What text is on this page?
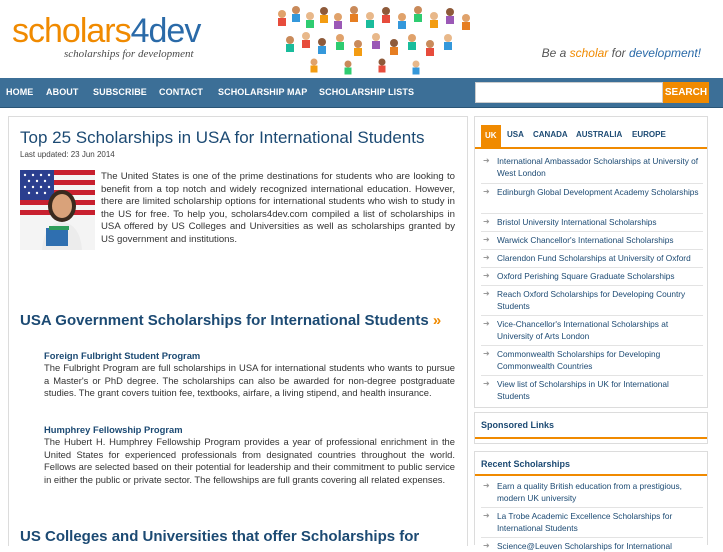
scholars4dev
scholarships for development	Be a scholar for development!
HOME ABOUT SUBSCRIBE CONTACT SCHOLARSHIP MAP SCHOLARSHIP LISTS	SEARCH
Top 25 Scholarships in USA for International Students
Last updated: 23 Jun 2014
The United States is one of the prime destinations for students who are looking to benefit from a top notch and widely recognized international education. However, there are limited scholarship options for international students who wish to study in the US for free. To help you, scholars4dev.com compiled a list of scholarships in USA offered by US Colleges and Universities as well as scholarships granted by US government and institutions.
USA Government Scholarships for International Students »
Foreign Fulbright Student Program
The Fulbright Program are full scholarships in USA for international students who wants to pursue a Master's or PhD degree. The scholarships can also be awarded for non-degree postgraduate studies. The grant covers tuition fee, textbooks, airfare, a living stipend, and health insurance.
Humphrey Fellowship Program
The Hubert H. Humphrey Fellowship Program provides a year of professional enrichment in the United States for experienced professionals from designated countries throughout the world. Fellows are selected based on their potential for leadership and their commitment to public service in either the public or private sector. The fellowships are full grants covering all related expenses.
US Colleges and Universities that offer Scholarships for
UK	USA CANADA AUSTRALIA EUROPE
➜ International Ambassador Scholarships at University of West London
➜ Edinburgh Global Development Academy Scholarships
➜ Bristol University International Scholarships
➜ Warwick Chancellor's International Scholarships
➜ Clarendon Fund Scholarships at University of Oxford
➜ Oxford Perishing Square Graduate Scholarships
➜ Reach Oxford Scholarships for Developing Country Students
➜ Vice-Chancellor's International Scholarships at University of Arts London
➜ Commonwealth Scholarships for Developing Commonwealth Countries
➜ View list of Scholarships in UK for International Students
Sponsored Links
Recent Scholarships
➜ Earn a quality British education from a prestigious, modern UK university
➜ La Trobe Academic Excellence Scholarships for International Students
➜ Science@Leuven Scholarships for International
